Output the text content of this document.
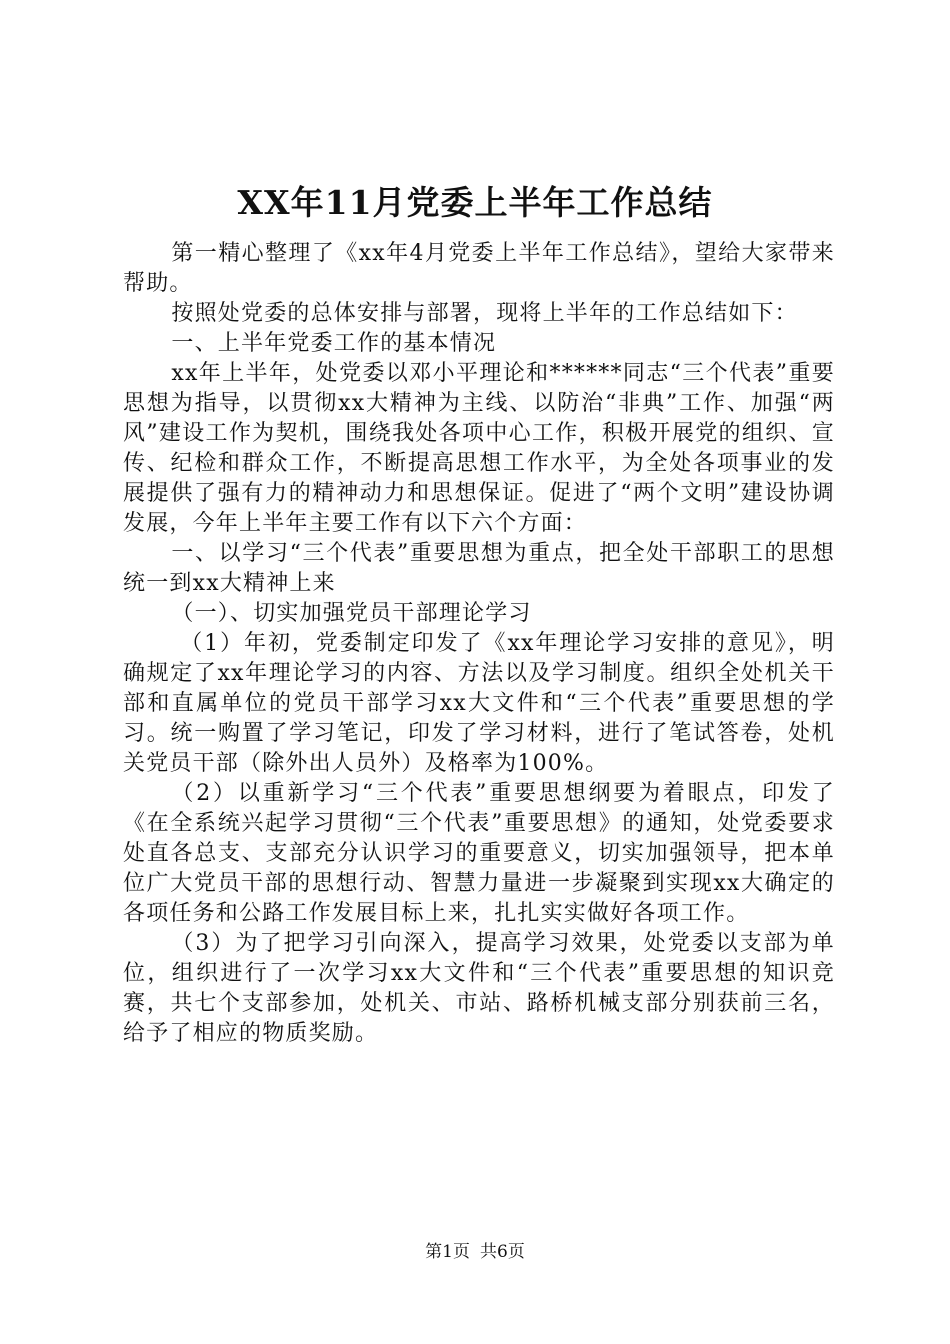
XX年11月党委上半年工作总结

第一精心整理了《xx年4月党委上半年工作总结》，望给大家带来帮助。

按照处党委的总体安排与部署，现将上半年的工作总结如下：

一、上半年党委工作的基本情况

xx年上半年，处党委以邓小平理论和******同志“三个代表”重要思想为指导，以贯彻xx大精神为主线、以防治“非典”工作、加强“两风”建设工作为契机，围绕我处各项中心工作，积极开展党的组织、宣传、纪检和群众工作，不断提高思想工作水平，为全处各项事业的发展提供了强有力的精神动力和思想保证。促进了“两个文明”建设协调发展，今年上半年主要工作有以下六个方面：

一、以学习“三个代表”重要思想为重点，把全处干部职工的思想统一到xx大精神上来

（一）、切实加强党员干部理论学习

（1）年初，党委制定印发了《xx年理论学习安排的意见》，明确规定了xx年理论学习的内容、方法以及学习制度。组织全处机关干部和直属单位的党员干部学习xx大文件和“三个代表”重要思想的学习。统一购置了学习笔记，印发了学习材料，进行了笔试答卷，处机关党员干部（除外出人员外）及格率为100%。

（2）以重新学习“三个代表”重要思想纲要为着眼点，印发了《在全系统兴起学习贯彻“三个代表”重要思想》的通知，处党委要求处直各总支、支部充分认识学习的重要意义，切实加强领导，把本单位广大党员干部的思想行动、智慧力量进一步凝聚到实现xx大确定的各项任务和公路工作发展目标上来，扎扎实实做好各项工作。

（3）为了把学习引向深入，提高学习效果，处党委以支部为单位，组织进行了一次学习xx大文件和“三个代表”重要思想的知识竞赛，共七个支部参加，处机关、市站、路桥机械支部分别获前三名，给予了相应的物质奖励。

第1页 共6页
